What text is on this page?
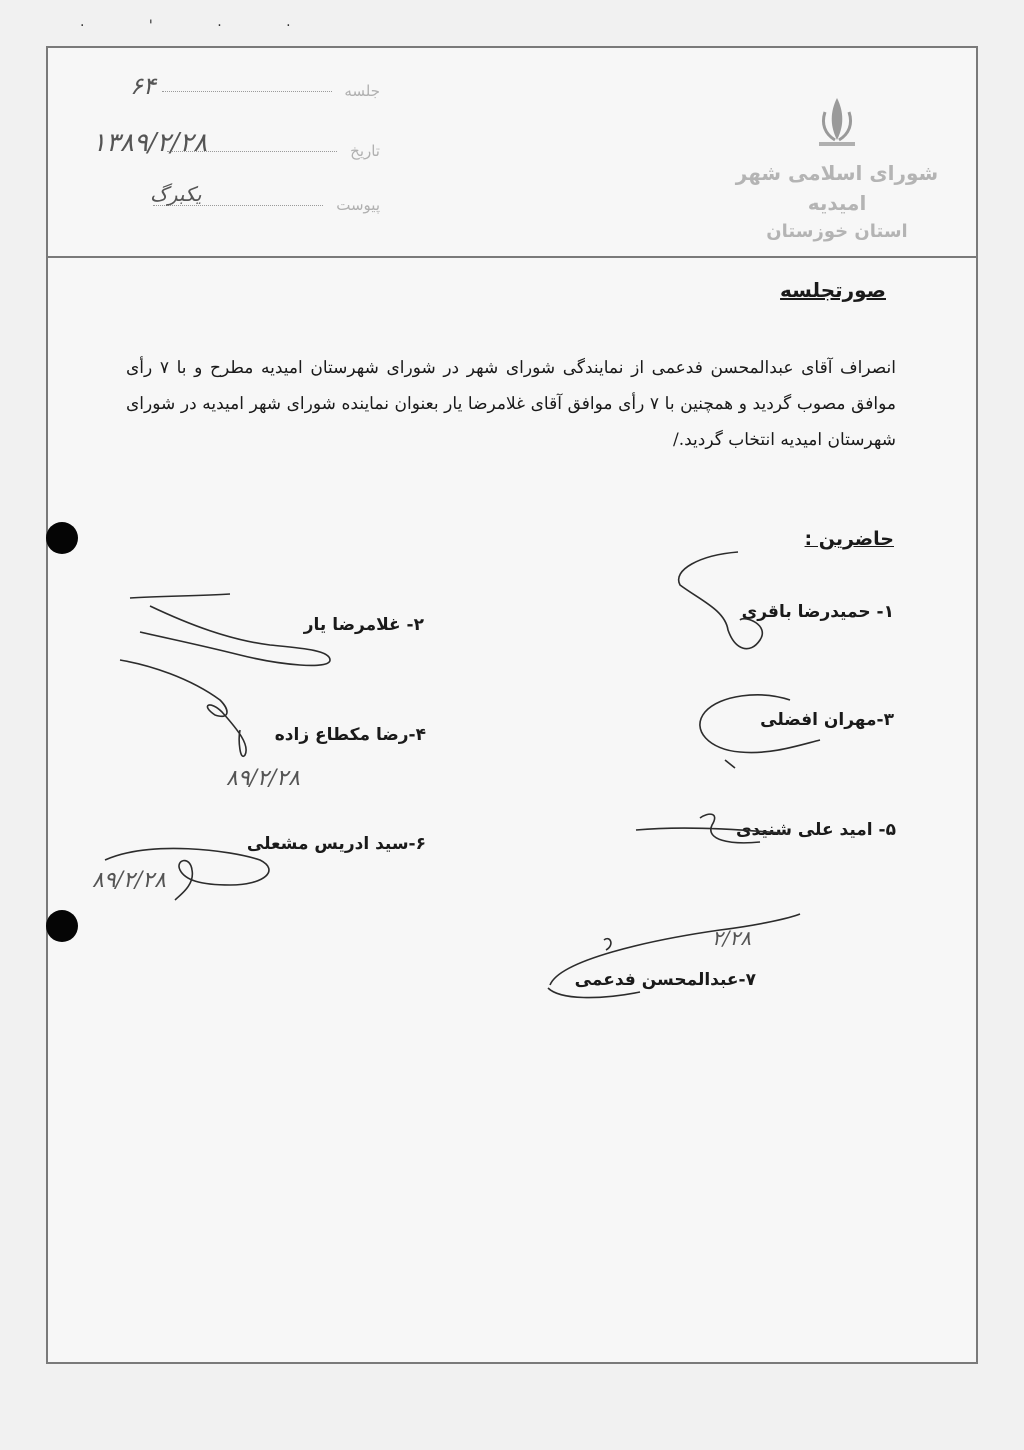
· ' · ·
شورای اسلامی شهر امیدیه
استان خوزستان
جلسه
۶۴
تاریخ
۱۳۸۹/۲/۲۸
پیوست
یکبرگ
صورتجلسه
انصراف آقای عبدالمحسن فدعمی از نمایندگی شورای شهر در شورای شهرستان امیدیه مطرح و با ۷ رأی موافق مصوب گردید و همچنین با ۷ رأی موافق آقای غلامرضا یار بعنوان نماینده شورای شهر امیدیه در شورای شهرستان امیدیه انتخاب گردید./
حاضرین :
۱- حمیدرضا باقری
۲- غلامرضا یار
۳-مهران افضلی
۴-رضا مکطاع زاده
۵- امید علی شنیدی
۶-سید ادریس مشعلی
۷-عبدالمحسن فدعمی
۸۹/۲/۲۸
۸۹/۲/۲۸
۲/۲۸
